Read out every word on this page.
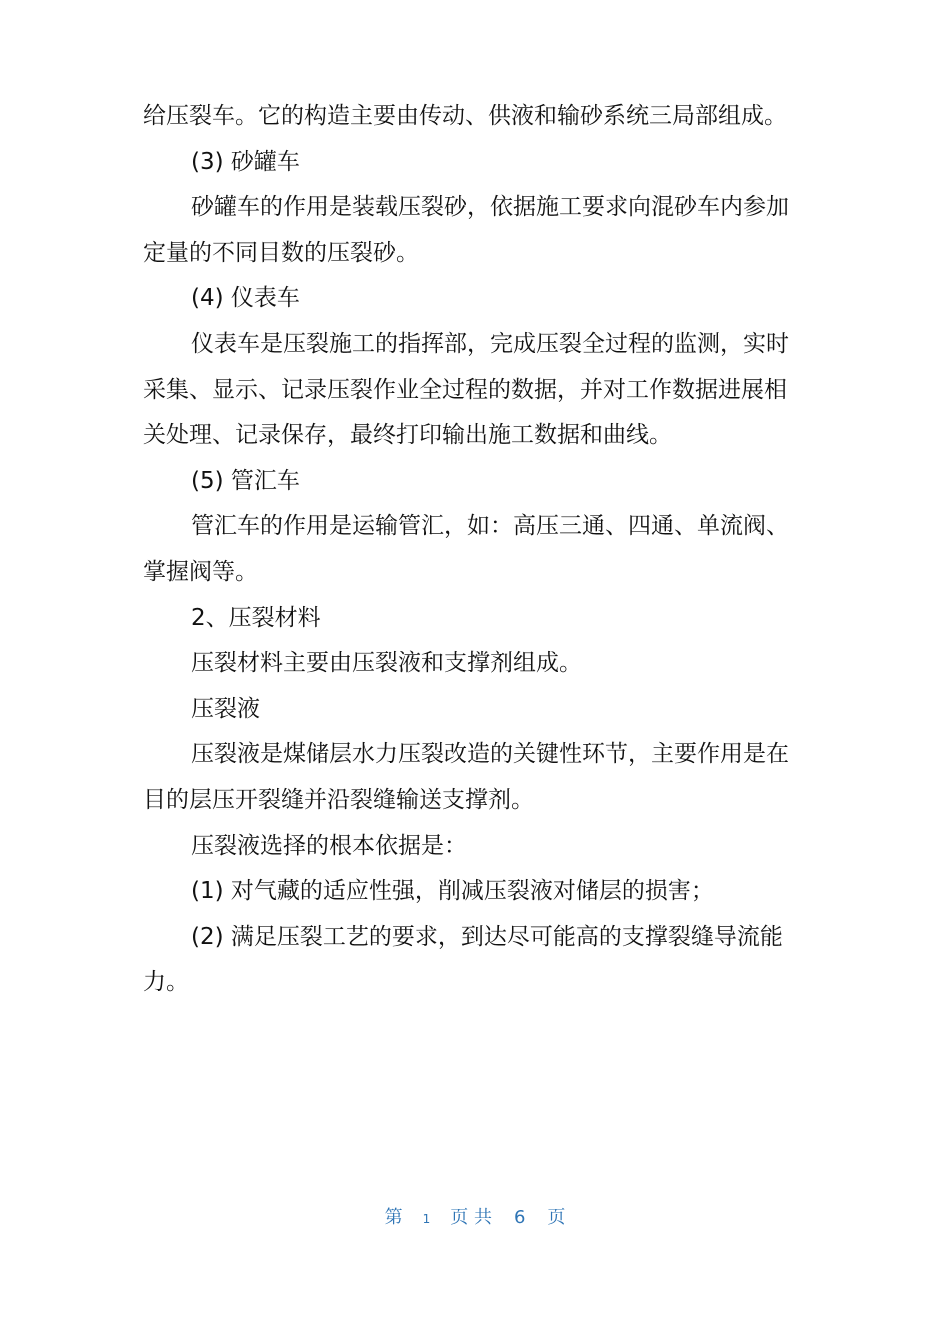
给压裂车。它的构造主要由传动、供液和输砂系统三局部组成。

(3) 砂罐车

砂罐车的作用是装载压裂砂，依据施工要求向混砂车内参加定量的不同目数的压裂砂。

(4) 仪表车

仪表车是压裂施工的指挥部，完成压裂全过程的监测，实时采集、显示、记录压裂作业全过程的数据，并对工作数据进展相关处理、记录保存，最终打印输出施工数据和曲线。

(5) 管汇车

管汇车的作用是运输管汇，如：高压三通、四通、单流阀、掌握阀等。

2、压裂材料

压裂材料主要由压裂液和支撑剂组成。

压裂液

压裂液是煤储层水力压裂改造的关键性环节，主要作用是在目的层压开裂缝并沿裂缝输送支撑剂。

压裂液选择的根本依据是：

(1) 对气藏的适应性强，削减压裂液对储层的损害；

(2) 满足压裂工艺的要求，到达尽可能高的支撑裂缝导流能力。

第 1 页 共 6 页
